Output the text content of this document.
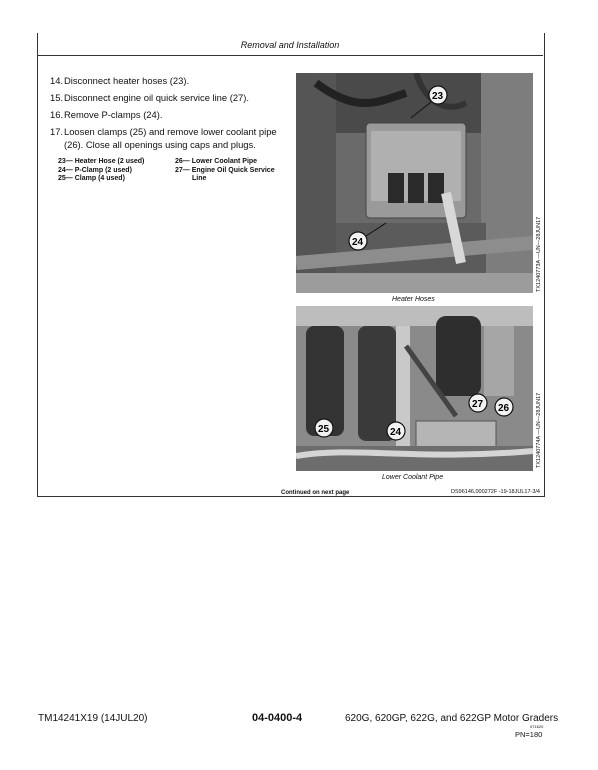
Removal and Installation

14.Disconnect heater hoses (23).

15.Disconnect engine oil quick service line (27).

16.Remove P-clamps (24).

17.Loosen clamps (25) and remove lower coolant pipe
(26). Close all openings using caps and plugs.

23— Heater Hose (2 used)
24— P-Clamp (2 used)
25— Clamp (4 used)
26— Lower Coolant Pipe
27— Engine Oil Quick Service
Line
23
24
Heater Hoses
TX1240773A —UN—28JUN17
25	24
27 26
Lower Coolant Pipe
TX1240774A —UN—28JUN17
Continued on next page	DS96146,000272F -19-18JUL17-3/4
TM14241X19 (14JUL20)	04-0400-4	620G, 620GP, 622G, and 622GP Motor Graders
071620
PN=180
